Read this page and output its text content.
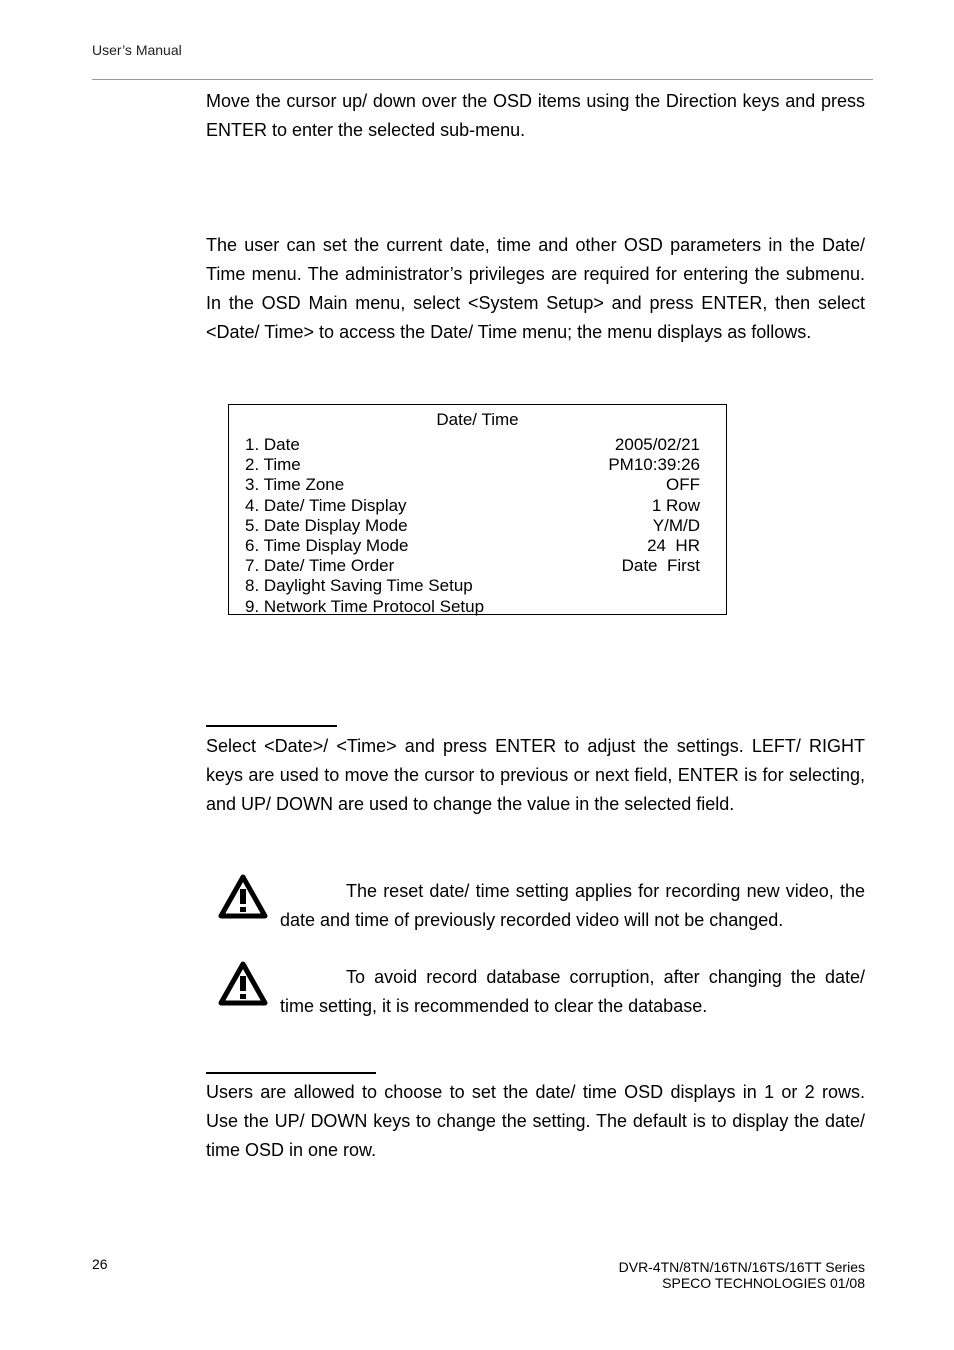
User’s Manual
Move the cursor up/ down over the OSD items using the Direction keys and press ENTER to enter the selected sub-menu.
The user can set the current date, time and other OSD parameters in the Date/ Time menu. The administrator’s privileges are required for entering the submenu. In the OSD Main menu, select <System Setup> and press ENTER, then select <Date/ Time> to access the Date/ Time menu; the menu displays as follows.
Date/ Time
1. Date	2005/02/21
2. Time	PM10:39:26
3. Time Zone	OFF
4. Date/ Time Display	1 Row
5. Date Display Mode	Y/M/D
6. Time Display Mode	24  HR
7. Date/ Time Order	Date  First
8. Daylight Saving Time Setup
9. Network Time Protocol Setup
Select <Date>/ <Time> and press ENTER to adjust the settings. LEFT/ RIGHT keys are used to move the cursor to previous or next field, ENTER is for selecting, and UP/ DOWN are used to change the value in the selected field.
The reset date/ time setting applies for recording new video, the date and time of previously recorded video will not be changed.
To avoid record database corruption, after changing the date/ time setting, it is recommended to clear the database.
Users are allowed to choose to set the date/ time OSD displays in 1 or 2 rows. Use the UP/ DOWN keys to change the setting. The default is to display the date/ time OSD in one row.
26	DVR-4TN/8TN/16TN/16TS/16TT Series
SPECO TECHNOLOGIES 01/08
